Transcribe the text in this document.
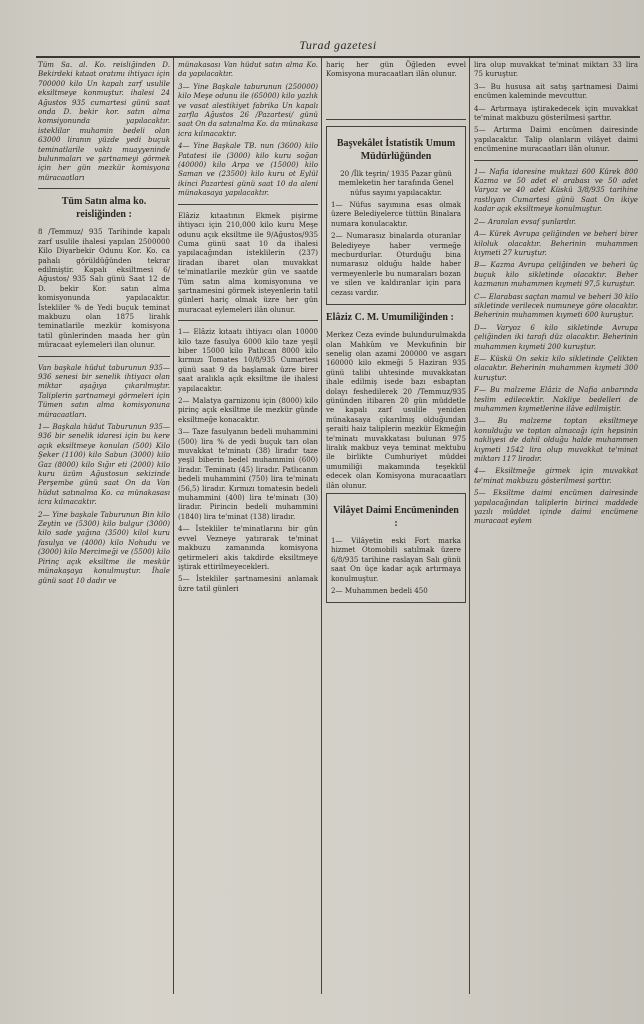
Turad gazetesi

Tüm Sa. al. Ko. reisliğinden D. Bekirdeki kıtaat oratımı ihtiyacı için 700000 kilo Un kapalı zarf usulile eksiltmeye konmuştur. ihalesi 24 Ağustos 935 cumartesi günü saat onda D. bekir kor. satın alma komsiyonunda yapılacaktır. isteklilar muhamin bedeli olan 63000 liranın yüzde yedi buçuk teminatlarile vaktı muayyeninde bulunmaları ve şartnameyi görmek için her gün mezkür komisyona müracaatları

Tüm Satın alma ko. reisliğinden :

8 /Temmuz/ 935 Tarihinde kapalı zarf usulile ihalesi yapılan 2500000 Kilo Diyarbekir Odunu Kor. Ko. ca pahalı görüldüğünden tekrar edilmiştir. Kapalı eksiltmesi 6/ Ağustos/ 935 Salı günü Saat 12 de D. bekir Kor. satın alma komisyonunda yapılacaktır. İstekliler % de Yedi buçuk teminat makbuzu olan 1875 liralık teminatlarile mezkür komisyona tatil günlerinden maada her gün müracaat eylemeleri ilan olunur.

Van başkale hüdut taburunun 935—936 senesi bir senelik ihtiyacı olan miktar aşağıya çıkarılmıştır. Taliplerin şartnameyi görmeleri için Tümen satın alma komisyonuna müracaatları.

1— Başkala hüdut Taburunun 935—936 bir senelik idaresi için bu kere açık eksiltmeye konulan (500) Kilo Şeker (1100) kilo Sabun (3000) kilo Gaz (8000) kilo Sığır eti (2000) kilo kuru üzüm Ağustosun sekizinde Perşembe günü saat On da Van hüdut satınalma Ko. ca münakasası icra kılınacaktır.

2— Yine başkale Taburunun Bin kilo Zeytin ve (5300) kilo bulgur (3000) kilo sade yağına (3500) kilol kuru fasulya ve (4000) kilo Nohudu ve (3000) kilo Mercimeği ve (5500) kilo Pirinç açık eksiltme ile meskür münakaşaya konulmuştur. İhale günü saat 10 dadır ve

münakasası Van hüdut satın alma Ko. da yapılacaktır.

3— Yine Başkale taburunun (250000) kilo Meşe odunu ile (65000) kilo yazlık ve vasat alestikiyet fabrika Un kapalı zarfla Ağustos 26 /Pazartesi/ günü saat On da satınalma Ko. da münakasa icra kılınacaktır.

4— Yine Başkale TB. nun (3600) kilo Patatesi ile (3000) kilo kuru soğan (40000) kilo Arpa ve (15000) kilo Saman ve (23500) kilo kuru ot Eylül ikinci Pazartesi günü saat 10 da aleni münakasaya yapılacaktır.

Elâziz kıtaatının Ekmek pişirme ihtiyacı için 210,000 kilo kuru Meşe odunu açık eksiltme ile 9/Ağustos/935 Cuma günü saat 10 da ihalesi yapılacağından isteklilerin (237) liradan ibaret olan muvakkat te'minatlarile mezkür gün ve saatde Tüm satın alma komisyonuna ve şartnamesini görmek isteyenlerin tatil günleri hariç olmak üzre her gün muracaat eylemeleri ilân olunur.

1— Elâziz kıtaatı ihtiyacı olan 10000 kilo taze fasulya 6000 kilo taze yeşil biber 15000 kilo Patlıcan 8000 kilo kırmızı Tomates 10/8/935 Cumartesi günü saat 9 da başlamak üzre birer saat aralıkla açık eksiltme ile ihalesi yapılacaktır.

2— Malatya garnizonu için (8000) kilo pirinç açık eksiltme ile mezkür günde eksiltmeğe konacaktır.

3— Taze fasulyanın bedeli muhammini (500) lira % de yedi buçuk tarı olan muvakkat te'minatı (38) liradır taze yeşil biberin bedel muhammini (600) liradır. Teminatı (45) liradır. Patlıcanın bedeli muhammini (750) lira te'minatı (56,5) liradır. Kırmızı tomatesin bedeli muhammini (400) lira te'minatı (30) liradır. Pirincin bedeli muhammini (1840) lira te'minat (138) liradır.

4— İstekliler te'minatlarını bir gün evvel Vezneye yatırarak te'minat makbuzu zamanında komisyona getirmeleri akis takdirde eksiltmeye iştirak ettirilmeyecekleri.

5— İstekliler şartnamesini anlamak üzre tatil günleri

hariç her gün Öğleden evvel Komisyona muracaatları ilân olunur.

Başvekâlet İstatistik Umum Müdürlüğünden

20 /İlk teşrin/ 1935 Pazar günü memleketin her tarafında Genel nüfus sayımı yapılacaktır.

1— Nüfus sayımına esas olmak üzere Belediyelerce tüttün Binalara numara konulacaktır.

2— Numarasız binalarda oturanlar Belediyeye haber vermeğe mecburdurlar. Oturduğu bina numarasız olduğu halde haber vermeyenlerle bu numaraları bozan ve silen ve kaldıranlar için para cezası vardır.

Elâziz C. M. Umumiliğinden :

Merkez Ceza evinde bulundurulmakda olan Mahkûm ve Mevkufinin bir senelig olan azami 200000 ve asgarı 160000 kilo ekmeği 5 Haziran 935 günü talibi uhtesinde muvakkatan ihale edilmiş isede bazı esbaptan dolayı feshedilerek 20 /Temmuz/935 gününden itibaren 20 gün müddetle ve kapalı zarf usulile yeniden münakasaya çıkarılmış olduğundan şeraiti haiz taliplerin mezkür Ekmeğin te'minatı muvakkatası bulunan 975 liralık makbuz veya teminat mektubu ile birlikte Cumhuriyet müddei umumiliği makamında teşekkül edecek olan Komisyona muracaatları ilân olunur.

Vilâyet Daimi Encümeninden :

1— Vilâyetin eski Fort marka hizmet Otomobili satılmak üzere 6/8/935 tarihine raslayan Salı günü saat On üçe kadar açık artırmaya konulmuştur.

2— Muhammen bedeli 450

lira olup muvakkat te'minat miktarı 33 lira 75 kuruştur.

3— Bu hususa ait satış şartnamesi Daimi encümen kaleminde mevcuttur.

4— Artırmaya iştirakedecek için muvakkat te'minat makbuzu gösterilmesi şarttır.

5— Artırma Daimi encümen dairesinde yapılacaktır. Talip olanların vilâyet daimi encümenine muracaatları ilân olunur.

1— Nafia idaresine muktazi 600 Kürek 800 Kazma ve 50 adet el arabası ve 50 adet Varyoz ve 40 adet Küskü 3/8/935 tarihine rastlıyan Cumartesi günü Saat On ikiye kadar açık eksiltmeye konulmuştur.

2— Aranılan evsaf şunlardır.

A— Kürek Avrupa çeliğinden ve beheri birer kiloluk olacaktır. Beherinin muhammen kıymeti 27 kuruştur.

B— Kazma Avrupa çeliğinden ve beheri üç buçuk kilo sikletinde olacaktır. Beher kazmanın muhammen kıymeti 97,5 kuruştur.

C— Elarabası saçtan mamul ve beheri 30 kilo sikletinde verilecek numuneye göre olacaktır. Beherinin muhammen kıymeti 600 kuruştur.

D— Varyoz 6 kilo sikletinde Avrupa çeliğinden iki tarafı düz olacaktır. Beherinin muhammen kıymeti 200 kuruştur.

E— Küskü On sekiz kilo sikletinde Çelikten olacaktır. Beherinin muhammen kıymeti 300 kuruştur.

F— Bu malzeme Elâziz de Nafia anbarında teslim edilecektir. Nakliye bedelleri de muhammen kıymetlerine ilâve edilmiştir.

3— Bu malzeme toptan eksiltmeye konulduğu ve toptan alınacağı için hepsinin nakliyesi de dahil olduğu halde muhammen kıymeti 1542 lira olup muvakkat te'minat miktarı 117 liradır.

4— Eksiltmeğe girmek için muvakkat te'minat makbuzu gösterilmesi şarttır.

5— Eksiltme daimi encümen dairesinde yapılacağından taliplerin birinci maddede yazılı müddet içinde daimi encümene muracaat eylem
